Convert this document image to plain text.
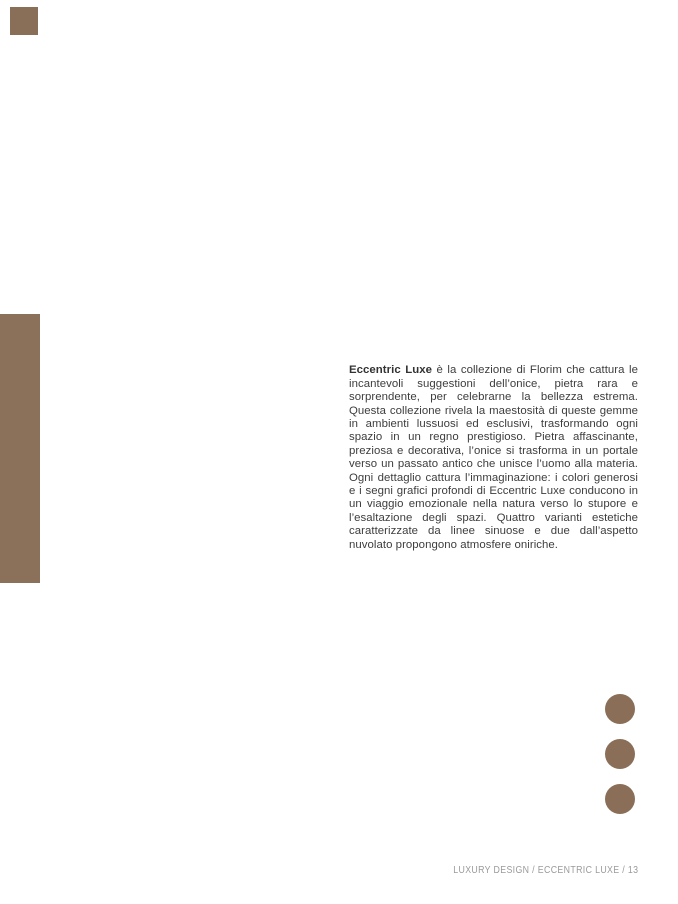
Eccentric Luxe è la collezione di Florim che cattura le incantevoli suggestioni dell’onice, pietra rara e sorprendente, per celebrarne la bellezza estrema. Questa collezione rivela la maestosità di queste gemme in ambienti lussuosi ed esclusivi, trasformando ogni spazio in un regno prestigioso. Pietra affascinante, preziosa e decorativa, l’onice si trasforma in un portale verso un passato antico che unisce l’uomo alla materia. Ogni dettaglio cattura l’immaginazione: i colori generosi e i segni grafici profondi di Eccentric Luxe conducono in un viaggio emozionale nella natura verso lo stupore e l’esaltazione degli spazi. Quattro varianti estetiche caratterizzate da linee sinuose e due dall’aspetto nuvolato propongono atmosfere oniriche.

LUXURY DESIGN / ECCENTRIC LUXE / 13
